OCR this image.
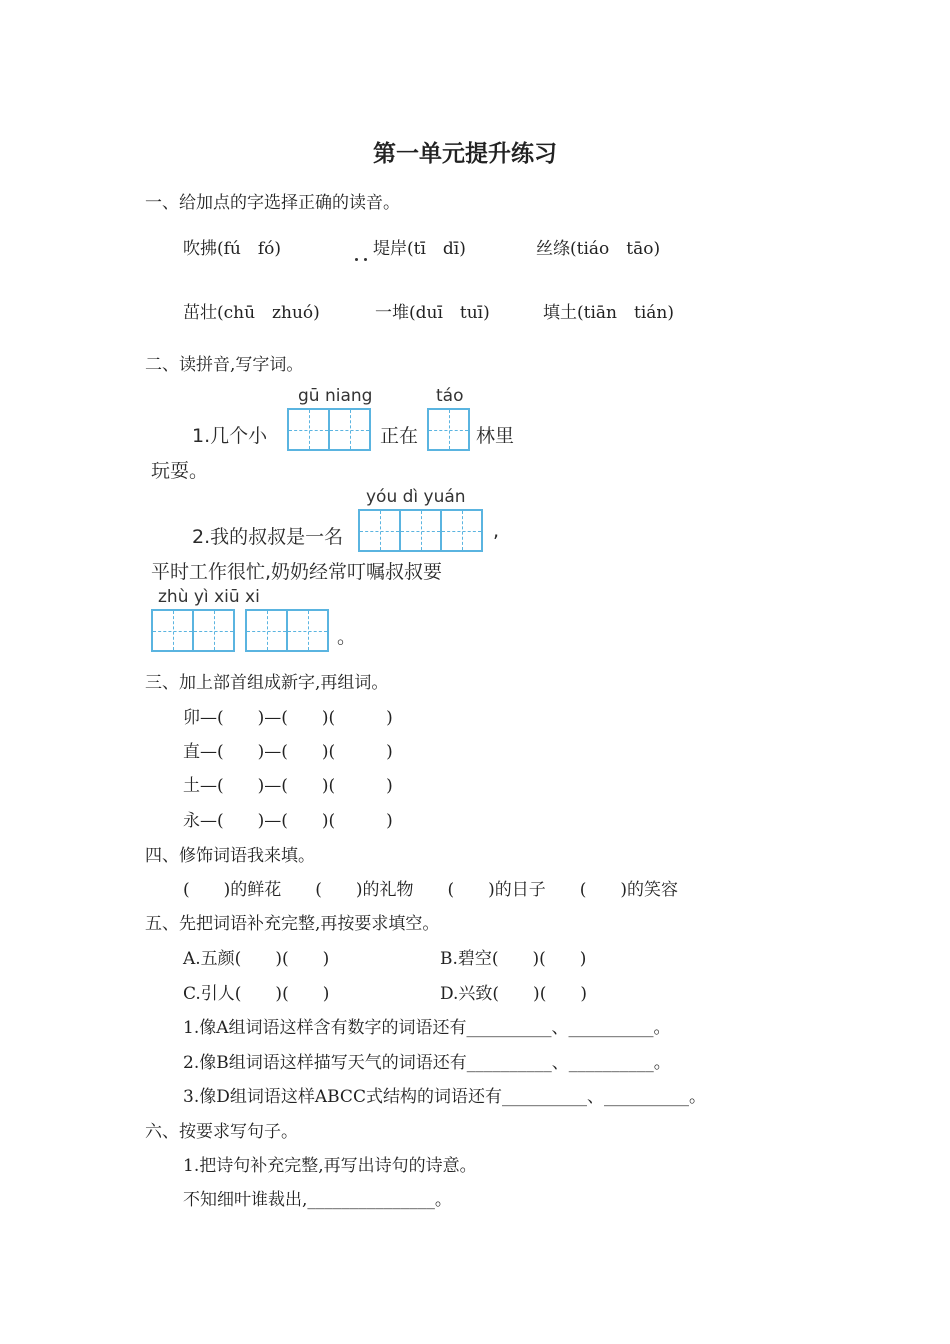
第一单元提升练习
一、给加点的字选择正确的读音。
吹拂(fú　fó)	堤岸(tī　dī)	丝绦(tiáo　tāo)
茁壮(chū　zhuó)	一堆(duī　tuī)	填土(tiān　tián)
二、读拼音,写字词。
gū niang	táo
1.几个小	正在	林里
玩耍。
yóu dì yuán
2.我的叔叔是一名	,
平时工作很忙,奶奶经常叮嘱叔叔要
zhù yì xiū xi
。
三、加上部首组成新字,再组词。
卯—(　　)—(　　)(　　　)
直—(　　)—(　　)(　　　)
土—(　　)—(　　)(　　　)
永—(　　)—(　　)(　　　)
四、修饰词语我来填。
(　　)的鲜花　　(　　)的礼物　　(　　)的日子　　(　　)的笑容
五、先把词语补充完整,再按要求填空。
A.五颜(　　)(　　)	B.碧空(　　)(　　)
C.引人(　　)(　　)	D.兴致(　　)(　　)
1.像A组词语这样含有数字的词语还有__________、__________。
2.像B组词语这样描写天气的词语还有__________、__________。
3.像D组词语这样ABCC式结构的词语还有__________、__________。
六、按要求写句子。
1.把诗句补充完整,再写出诗句的诗意。
不知细叶谁裁出,_______________。
